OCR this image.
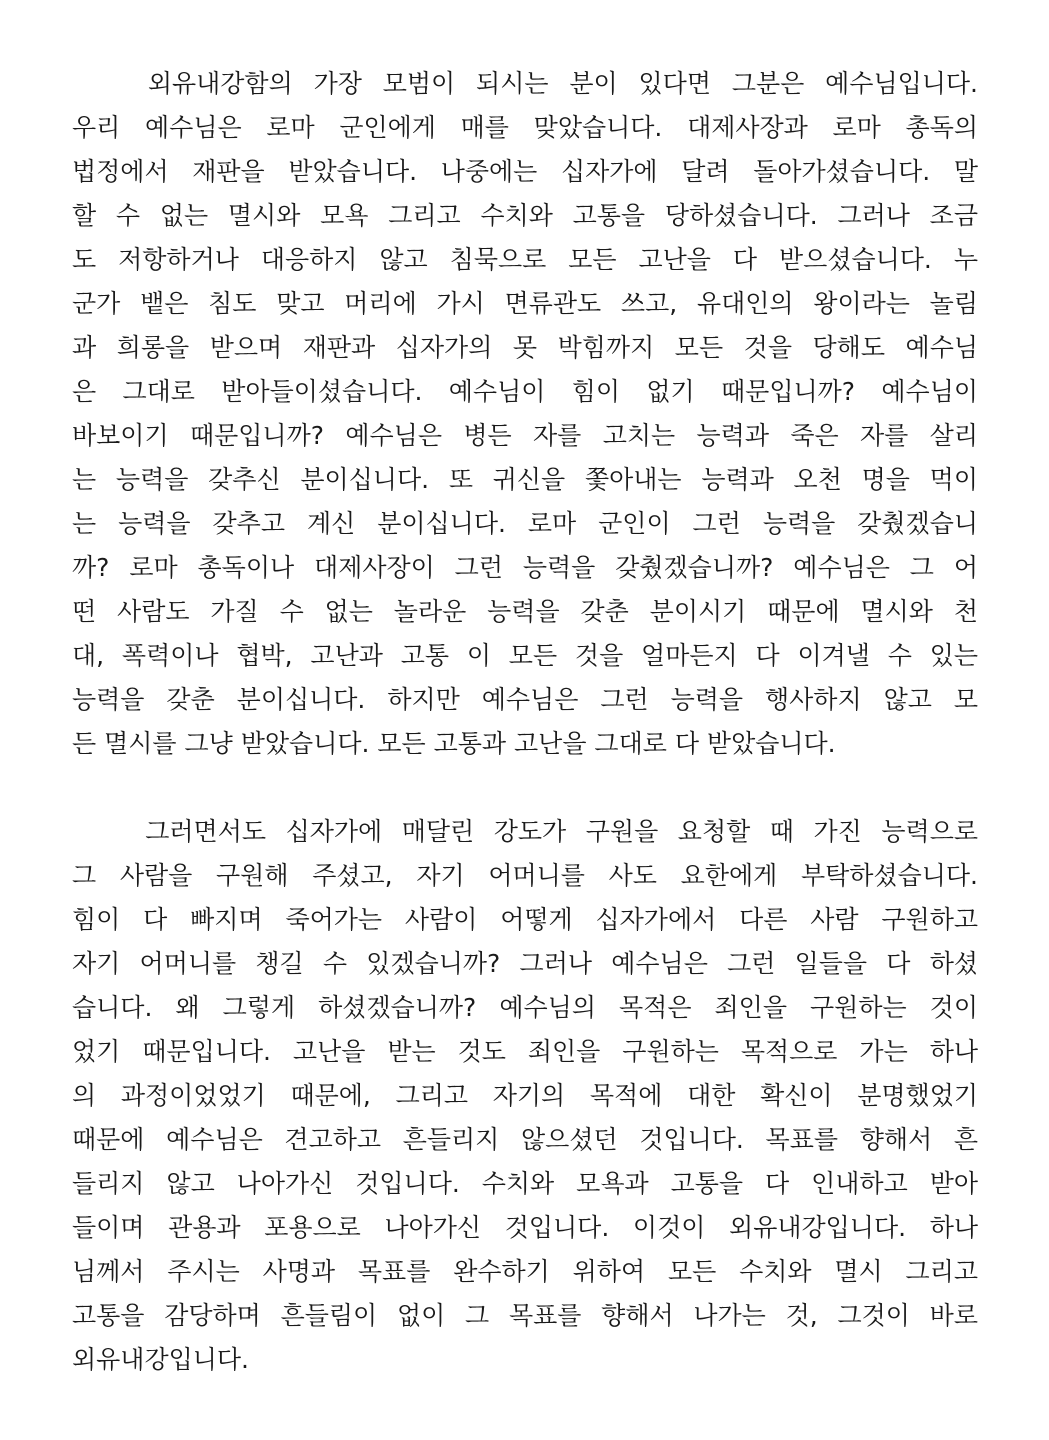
　　외유내강함의 가장 모범이 되시는 분이 있다면 그분은 예수님입니다.
우리 예수님은 로마 군인에게 매를 맞았습니다. 대제사장과 로마 총독의
법정에서 재판을 받았습니다. 나중에는 십자가에 달려 돌아가셨습니다. 말
할 수 없는 멸시와 모욕 그리고 수치와 고통을 당하셨습니다. 그러나 조금
도 저항하거나 대응하지 않고 침묵으로 모든 고난을 다 받으셨습니다. 누
군가 뱉은 침도 맞고 머리에 가시 면류관도 쓰고, 유대인의 왕이라는 놀림
과 희롱을 받으며 재판과 십자가의 못 박힘까지 모든 것을 당해도 예수님
은 그대로 받아들이셨습니다. 예수님이 힘이 없기 때문입니까? 예수님이
바보이기 때문입니까? 예수님은 병든 자를 고치는 능력과 죽은 자를 살리
는 능력을 갖추신 분이십니다. 또 귀신을 쫓아내는 능력과 오천 명을 먹이
는 능력을 갖추고 계신 분이십니다. 로마 군인이 그런 능력을 갖췄겠습니
까? 로마 총독이나 대제사장이 그런 능력을 갖췄겠습니까? 예수님은 그 어
떤 사람도 가질 수 없는 놀라운 능력을 갖춘 분이시기 때문에 멸시와 천
대, 폭력이나 협박, 고난과 고통 이 모든 것을 얼마든지 다 이겨낼 수 있는
능력을 갖춘 분이십니다. 하지만 예수님은 그런 능력을 행사하지 않고 모
든 멸시를 그냥 받았습니다. 모든 고통과 고난을 그대로 다 받았습니다.
　　그러면서도 십자가에 매달린 강도가 구원을 요청할 때 가진 능력으로
그 사람을 구원해 주셨고, 자기 어머니를 사도 요한에게 부탁하셨습니다.
힘이 다 빠지며 죽어가는 사람이 어떻게 십자가에서 다른 사람 구원하고
자기 어머니를 챙길 수 있겠습니까? 그러나 예수님은 그런 일들을 다 하셨
습니다. 왜 그렇게 하셨겠습니까? 예수님의 목적은 죄인을 구원하는 것이
었기 때문입니다. 고난을 받는 것도 죄인을 구원하는 목적으로 가는 하나
의 과정이었었기 때문에, 그리고 자기의 목적에 대한 확신이 분명했었기
때문에 예수님은 견고하고 흔들리지 않으셨던 것입니다. 목표를 향해서 흔
들리지 않고 나아가신 것입니다. 수치와 모욕과 고통을 다 인내하고 받아
들이며 관용과 포용으로 나아가신 것입니다. 이것이 외유내강입니다. 하나
님께서 주시는 사명과 목표를 완수하기 위하여 모든 수치와 멸시 그리고
고통을 감당하며 흔들림이 없이 그 목표를 향해서 나가는 것, 그것이 바로
외유내강입니다.
